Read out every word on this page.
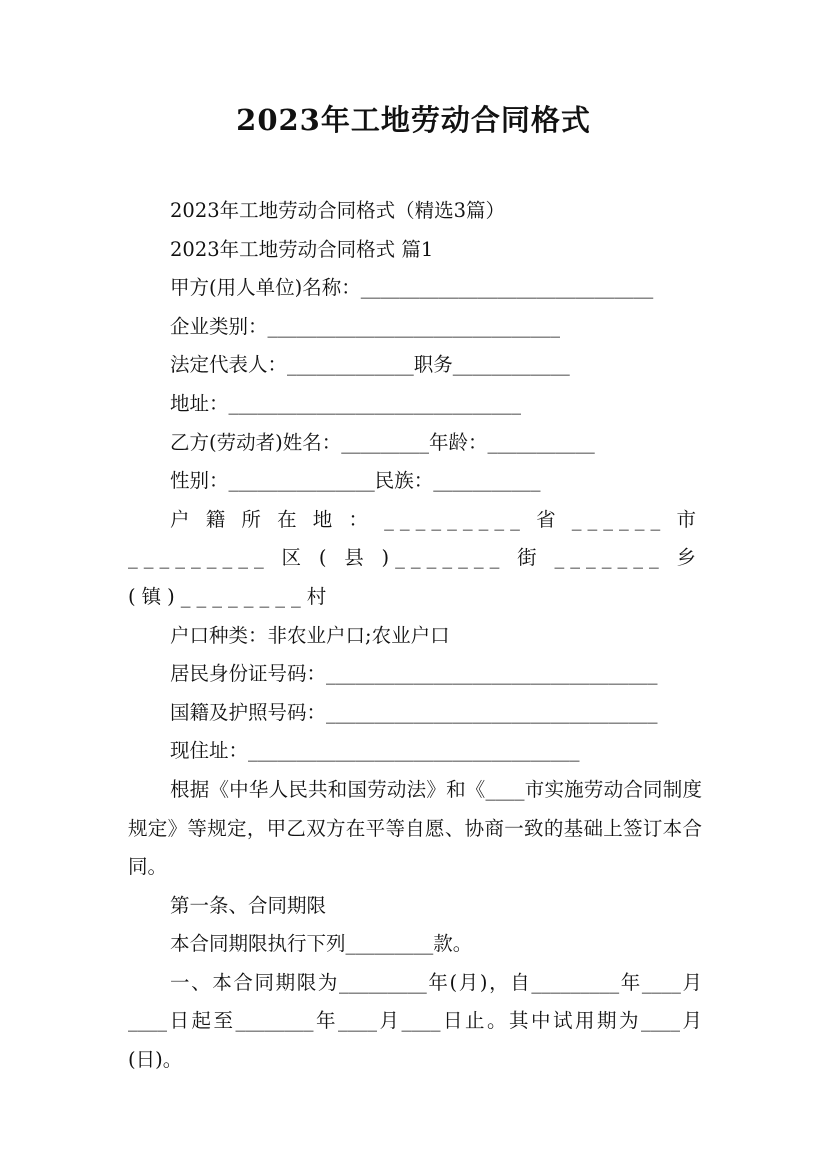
2023年工地劳动合同格式
2023年工地劳动合同格式（精选3篇）
2023年工地劳动合同格式 篇1
甲方(用人单位)名称：______________________________
企业类别：______________________________
法定代表人：_____________职务____________
地址：______________________________
乙方(劳动者)姓名：_________年龄：___________
性别：_______________民族：___________
户籍所在地：_________省______市_________区(县)_______街_______乡(镇)________村
户口种类：非农业户口;农业户口
居民身份证号码：__________________________________
国籍及护照号码：__________________________________
现住址：__________________________________
根据《中华人民共和国劳动法》和《____市实施劳动合同制度规定》等规定，甲乙双方在平等自愿、协商一致的基础上签订本合同。
第一条、合同期限
本合同期限执行下列_________款。
一、本合同期限为_________年(月)，自_________年____月____日起至________年____月____日止。其中试用期为____月(日)。
